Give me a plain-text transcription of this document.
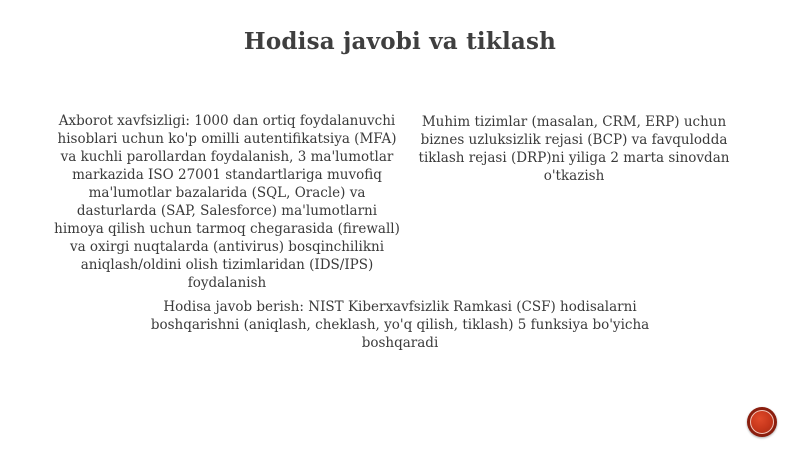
Hodisa javobi va tiklash
Axborot xavfsizligi: 1000 dan ortiq foydalanuvchi hisoblari uchun ko'p omilli autentifikatsiya (MFA) va kuchli parollardan foydalanish, 3 ma'lumotlar markazida ISO 27001 standartlariga muvofiq ma'lumotlar bazalarida (SQL, Oracle) va dasturlarda (SAP, Salesforce) ma'lumotlarni himoya qilish uchun tarmoq chegarasida (firewall) va oxirgi nuqtalarda (antivirus) bosqinchilikni aniqlash/oldini olish tizimlaridan (IDS/IPS) foydalanish
Muhim tizimlar (masalan, CRM, ERP) uchun biznes uzluksizlik rejasi (BCP) va favqulodda tiklash rejasi (DRP)ni yiliga 2 marta sinovdan o'tkazish
Hodisa javob berish: NIST Kiberxavfsizlik Ramkasi (CSF) hodisalarni boshqarishni (aniqlash, cheklash, yo'q qilish, tiklash) 5 funksiya bo'yicha boshqaradi
